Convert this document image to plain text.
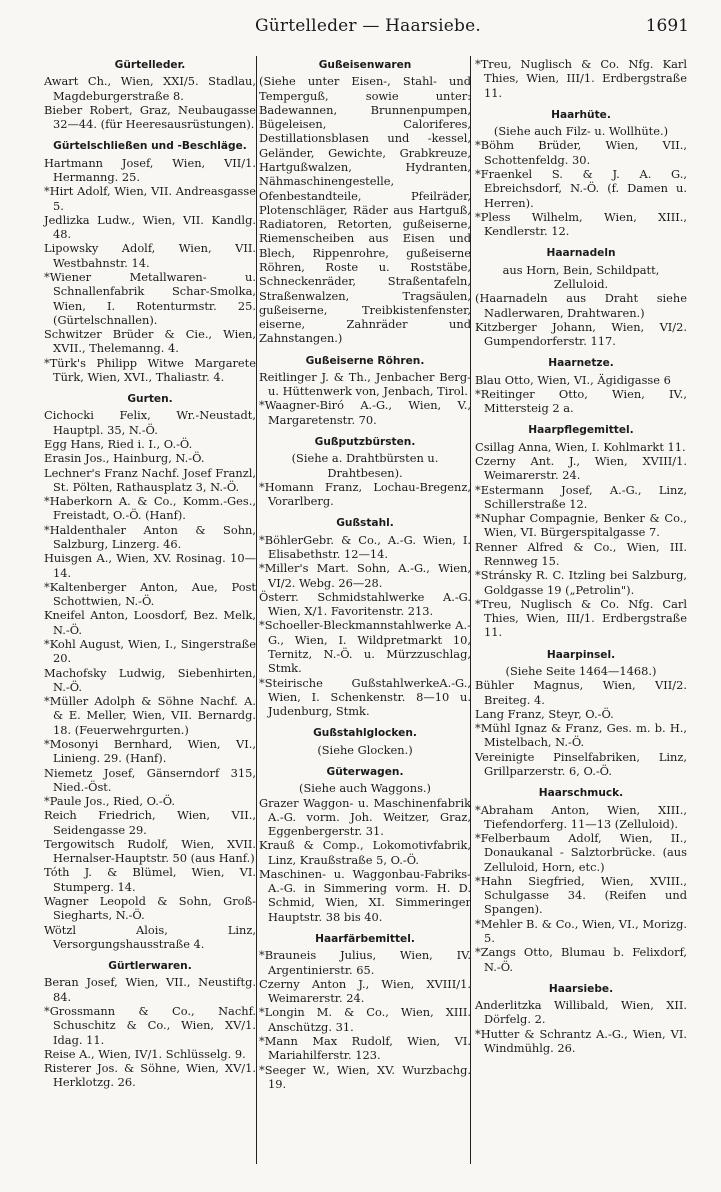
Gürtelleder — Haarsiebe.	1691
Gürtelleder.
Awart Ch., Wien, XXI/5. Stadlau, Magdeburgerstraße 8.
Bieber Robert, Graz, Neubaugasse 32—44. (für Heeresausrüstungen).
Gürtelschließen und -Beschläge.
Hartmann Josef, Wien, VII/1. Hermanng. 25.
*Hirt Adolf, Wien, VII. Andreasgasse 5.
Jedlizka Ludw., Wien, VII. Kandlg. 48.
Lipowsky Adolf, Wien, VII. Westbahnstr. 14.
*Wiener Metallwaren- u. Schnallenfabrik Schar-Smolka, Wien, I. Rotenturmstr. 25. (Gürtelschnallen).
Schwitzer Brüder & Cie., Wien, XVII., Thelemanng. 4.
*Türk's Philipp Witwe Margarete Türk, Wien, XVI., Thaliastr. 4.
Gurten.
Cichocki Felix, Wr.-Neustadt, Hauptpl. 35, N.-Ö.
Egg Hans, Ried i. I., O.-Ö.
Erasin Jos., Hainburg, N.-Ö.
Lechner's Franz Nachf. Josef Franzl, St. Pölten, Rathausplatz 3, N.-Ö.
*Haberkorn A. & Co., Komm.-Ges., Freistadt, O.-Ö. (Hanf).
*Haldenthaler Anton & Sohn, Salzburg, Linzerg. 46.
Huisgen A., Wien, XV. Rosinag. 10—14.
*Kaltenberger Anton, Aue, Post Schottwien, N.-Ö.
Kneifel Anton, Loosdorf, Bez. Melk, N.-Ö.
*Kohl August, Wien, I., Singerstraße 20.
Machofsky Ludwig, Siebenhirten, N.-Ö.
*Müller Adolph & Söhne Nachf. A. & E. Meller, Wien, VII. Bernardg. 18. (Feuerwehrgurten.)
*Mosonyi Bernhard, Wien, VI., Linieng. 29. (Hanf).
Niemetz Josef, Gänserndorf 315, Nied.-Öst.
*Paule Jos., Ried, O.-Ö.
Reich Friedrich, Wien, VII., Seidengasse 29.
Tergowitsch Rudolf, Wien, XVII. Hernalser-Hauptstr. 50 (aus Hanf.)
Tóth J. & Blümel, Wien, VI. Stumperg. 14.
Wagner Leopold & Sohn, Groß-Siegharts, N.-Ö.
Wötzl Alois, Linz, Versorgungshausstraße 4.
Gürtlerwaren.
Beran Josef, Wien, VII., Neustiftg. 84.
*Grossmann & Co., Nachf. Schuschitz & Co., Wien, XV/1. Idag. 11.
Reise A., Wien, IV/1. Schlüsselg. 9.
Risterer Jos. & Söhne, Wien, XV/1. Herklotzg. 26.
Gußeisenwaren
(Siehe unter Eisen-, Stahl- und Temperguß, sowie unter: Badewannen, Brunnenpumpen, Bügeleisen, Caloriferes, Destillationsblasen und -kessel, Geländer, Gewichte, Grabkreuze, Hartgußwalzen, Hydranten, Nähmaschinengestelle, Ofenbestandteile, Pfeilräder, Plotenschläger, Räder aus Hartguß, Radiatoren, Retorten, gußeiserne, Riemenscheiben aus Eisen und Blech, Rippenrohre, gußeiserne Röhren, Roste u. Roststäbe, Schneckenräder, Straßentafeln, Straßenwalzen, Tragsäulen, gußeiserne, Treibkistenfenster, eiserne, Zahnräder und Zahnstangen.)
Gußeiserne Röhren.
Reitlinger J. & Th., Jenbacher Berg- u. Hüttenwerk von, Jenbach, Tirol.
*Waagner-Biró A.-G., Wien, V., Margaretenstr. 70.
Gußputzbürsten.
(Siehe a. Drahtbürsten u. Drahtbesen).
*Homann Franz, Lochau-Bregenz, Vorarlberg.
Gußstahl.
*BöhlerGebr. & Co., A.-G. Wien, I. Elisabethstr. 12—14.
*Miller's Mart. Sohn, A.-G., Wien, VI/2. Webg. 26—28.
Österr. Schmidstahlwerke A.-G. Wien, X/1. Favoritenstr. 213.
*Schoeller-Bleckmannstahlwerke A.-G., Wien, I. Wildpretmarkt 10, Ternitz, N.-Ö. u. Mürzzuschlag, Stmk.
*Steirische GußstahlwerkeA.-G., Wien, I. Schenkenstr. 8—10 u. Judenburg, Stmk.
Gußstahlglocken.
(Siehe Glocken.)
Güterwagen.
(Siehe auch Waggons.)
Grazer Waggon- u. Maschinenfabrik A.-G. vorm. Joh. Weitzer, Graz, Eggenbergerstr. 31.
Krauß & Comp., Lokomotivfabrik, Linz, Kraußstraße 5, O.-Ö.
Maschinen- u. Waggonbau-Fabriks-A.-G. in Simmering vorm. H. D. Schmid, Wien, XI. Simmeringer Hauptstr. 38 bis 40.
Haarfärbemittel.
*Brauneis Julius, Wien, IV. Argentinierstr. 65.
Czerny Anton J., Wien, XVIII/1. Weimarerstr. 24.
*Longin M. & Co., Wien, XIII. Anschützg. 31.
*Mann Max Rudolf, Wien, VI. Mariahilferstr. 123.
*Seeger W., Wien, XV. Wurzbachg. 19.
*Treu, Nuglisch & Co. Nfg. Karl Thies, Wien, III/1. Erdbergstraße 11.
Haarhüte.
(Siehe auch Filz- u. Wollhüte.)
*Böhm Brüder, Wien, VII., Schottenfeldg. 30.
*Fraenkel S. & J. A. G., Ebreichsdorf, N.-Ö. (f. Damen u. Herren).
*Pless Wilhelm, Wien, XIII., Kendlerstr. 12.
Haarnadeln
aus Horn, Bein, Schildpatt, Zelluloid.
(Haarnadeln aus Draht siehe Nadlerwaren, Drahtwaren.)
Kitzberger Johann, Wien, VI/2. Gumpendorferstr. 117.
Haarnetze.
Blau Otto, Wien, VI., Ägidigasse 6
*Reitinger Otto, Wien, IV., Mittersteig 2 a.
Haarpflegemittel.
Csillag Anna, Wien, I. Kohlmarkt 11.
Czerny Ant. J., Wien, XVIII/1. Weimarerstr. 24.
*Estermann Josef, A.-G., Linz, Schillerstraße 12.
*Nuphar Compagnie, Benker & Co., Wien, VI. Bürgerspitalgasse 7.
Renner Alfred & Co., Wien, III. Rennweg 15.
*Stránsky R. C. Itzling bei Salzburg, Goldgasse 19 („Petrolin").
*Treu, Nuglisch & Co. Nfg. Carl Thies, Wien, III/1. Erdbergstraße 11.
Haarpinsel.
(Siehe Seite 1464—1468.)
Bühler Magnus, Wien, VII/2. Breiteg. 4.
Lang Franz, Steyr, O.-Ö.
*Mühl Ignaz & Franz, Ges. m. b. H., Mistelbach, N.-Ö.
Vereinigte Pinselfabriken, Linz, Grillparzerstr. 6, O.-Ö.
Haarschmuck.
*Abraham Anton, Wien, XIII., Tiefendorferg. 11—13 (Zelluloid).
*Felberbaum Adolf, Wien, II., Donaukanal - Salztorbrücke. (aus Zelluloid, Horn, etc.)
*Hahn Siegfried, Wien, XVIII., Schulgasse 34. (Reifen und Spangen).
*Mehler B. & Co., Wien, VI., Morizg. 5.
*Zangs Otto, Blumau b. Felixdorf, N.-Ö.
Haarsiebe.
Anderlitzka Willibald, Wien, XII. Dörfelg. 2.
*Hutter & Schrantz A.-G., Wien, VI. Windmühlg. 26.
